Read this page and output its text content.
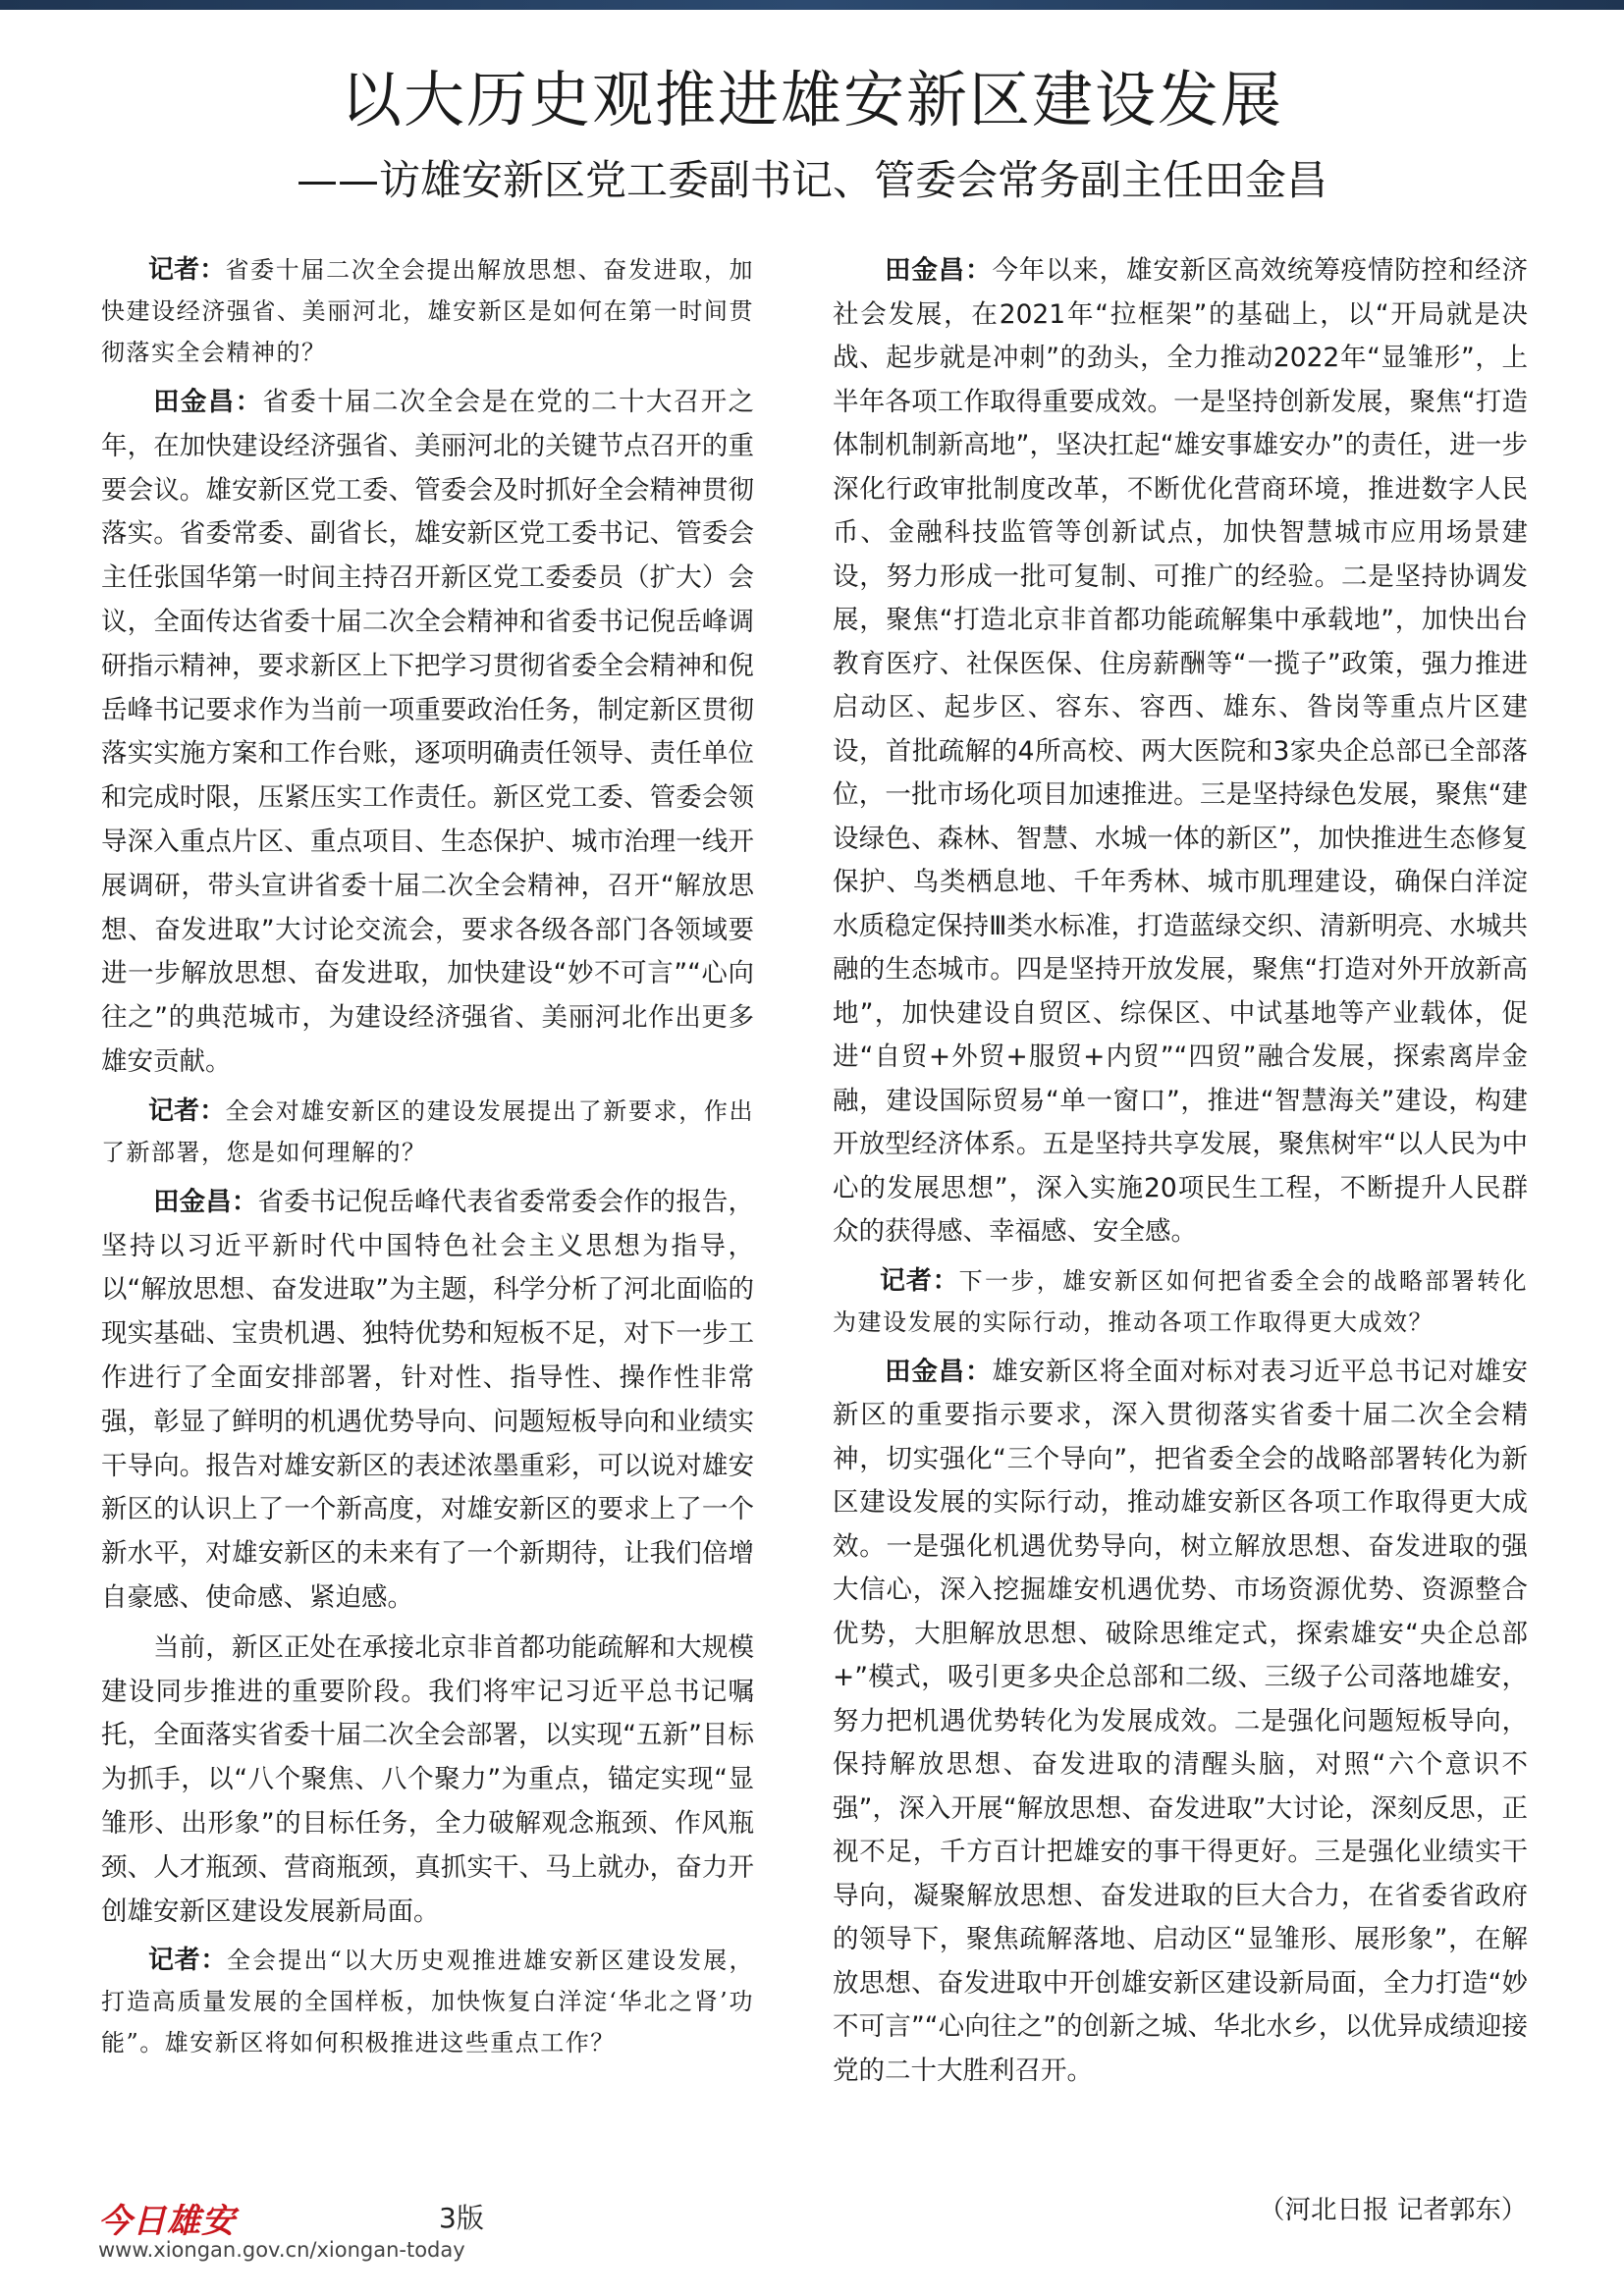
以大历史观推进雄安新区建设发展
——访雄安新区党工委副书记、管委会常务副主任田金昌

记者：省委十届二次全会提出解放思想、奋发进取，加快建设经济强省、美丽河北，雄安新区是如何在第一时间贯彻落实全会精神的？

田金昌：省委十届二次全会是在党的二十大召开之年，在加快建设经济强省、美丽河北的关键节点召开的重要会议。雄安新区党工委、管委会及时抓好全会精神贯彻落实。省委常委、副省长，雄安新区党工委书记、管委会主任张国华第一时间主持召开新区党工委委员（扩大）会议，全面传达省委十届二次全会精神和省委书记倪岳峰调研指示精神，要求新区上下把学习贯彻省委全会精神和倪岳峰书记要求作为当前一项重要政治任务，制定新区贯彻落实实施方案和工作台账，逐项明确责任领导、责任单位和完成时限，压紧压实工作责任。新区党工委、管委会领导深入重点片区、重点项目、生态保护、城市治理一线开展调研，带头宣讲省委十届二次全会精神，召开“解放思想、奋发进取”大讨论交流会，要求各级各部门各领域要进一步解放思想、奋发进取，加快建设“妙不可言”“心向往之”的典范城市，为建设经济强省、美丽河北作出更多雄安贡献。

记者：全会对雄安新区的建设发展提出了新要求，作出了新部署，您是如何理解的？

田金昌：省委书记倪岳峰代表省委常委会作的报告，坚持以习近平新时代中国特色社会主义思想为指导，以“解放思想、奋发进取”为主题，科学分析了河北面临的现实基础、宝贵机遇、独特优势和短板不足，对下一步工作进行了全面安排部署，针对性、指导性、操作性非常强，彰显了鲜明的机遇优势导向、问题短板导向和业绩实干导向。报告对雄安新区的表述浓墨重彩，可以说对雄安新区的认识上了一个新高度，对雄安新区的要求上了一个新水平，对雄安新区的未来有了一个新期待，让我们倍增自豪感、使命感、紧迫感。

当前，新区正处在承接北京非首都功能疏解和大规模建设同步推进的重要阶段。我们将牢记习近平总书记嘱托，全面落实省委十届二次全会部署，以实现“五新”目标为抓手，以“八个聚焦、八个聚力”为重点，锚定实现“显雏形、出形象”的目标任务，全力破解观念瓶颈、作风瓶颈、人才瓶颈、营商瓶颈，真抓实干、马上就办，奋力开创雄安新区建设发展新局面。

记者：全会提出“以大历史观推进雄安新区建设发展，打造高质量发展的全国样板，加快恢复白洋淀‘华北之肾’功能”。雄安新区将如何积极推进这些重点工作？

田金昌：今年以来，雄安新区高效统筹疫情防控和经济社会发展，在2021年“拉框架”的基础上，以“开局就是决战、起步就是冲刺”的劲头，全力推动2022年“显雏形”，上半年各项工作取得重要成效。一是坚持创新发展，聚焦“打造体制机制新高地”，坚决扛起“雄安事雄安办”的责任，进一步深化行政审批制度改革，不断优化营商环境，推进数字人民币、金融科技监管等创新试点，加快智慧城市应用场景建设，努力形成一批可复制、可推广的经验。二是坚持协调发展，聚焦“打造北京非首都功能疏解集中承载地”，加快出台教育医疗、社保医保、住房薪酬等“一揽子”政策，强力推进启动区、起步区、容东、容西、雄东、昝岗等重点片区建设，首批疏解的4所高校、两大医院和3家央企总部已全部落位，一批市场化项目加速推进。三是坚持绿色发展，聚焦“建设绿色、森林、智慧、水城一体的新区”，加快推进生态修复保护、鸟类栖息地、千年秀林、城市肌理建设，确保白洋淀水质稳定保持Ⅲ类水标准，打造蓝绿交织、清新明亮、水城共融的生态城市。四是坚持开放发展，聚焦“打造对外开放新高地”，加快建设自贸区、综保区、中试基地等产业载体，促进“自贸+外贸+服贸+内贸”“四贸”融合发展，探索离岸金融，建设国际贸易“单一窗口”，推进“智慧海关”建设，构建开放型经济体系。五是坚持共享发展，聚焦树牢“以人民为中心的发展思想”，深入实施20项民生工程，不断提升人民群众的获得感、幸福感、安全感。

记者：下一步，雄安新区如何把省委全会的战略部署转化为建设发展的实际行动，推动各项工作取得更大成效？

田金昌：雄安新区将全面对标对表习近平总书记对雄安新区的重要指示要求，深入贯彻落实省委十届二次全会精神，切实强化“三个导向”，把省委全会的战略部署转化为新区建设发展的实际行动，推动雄安新区各项工作取得更大成效。一是强化机遇优势导向，树立解放思想、奋发进取的强大信心，深入挖掘雄安机遇优势、市场资源优势、资源整合优势，大胆解放思想、破除思维定式，探索雄安“央企总部+”模式，吸引更多央企总部和二级、三级子公司落地雄安，努力把机遇优势转化为发展成效。二是强化问题短板导向，保持解放思想、奋发进取的清醒头脑，对照“六个意识不强”，深入开展“解放思想、奋发进取”大讨论，深刻反思，正视不足，千方百计把雄安的事干得更好。三是强化业绩实干导向，凝聚解放思想、奋发进取的巨大合力，在省委省政府的领导下，聚焦疏解落地、启动区“显雏形、展形象”，在解放思想、奋发进取中开创雄安新区建设新局面，全力打造“妙不可言”“心向往之”的创新之城、华北水乡，以优异成绩迎接党的二十大胜利召开。

（河北日报 记者郭东）
今日雄安	3版
www.xiongan.gov.cn/xiongan-today
